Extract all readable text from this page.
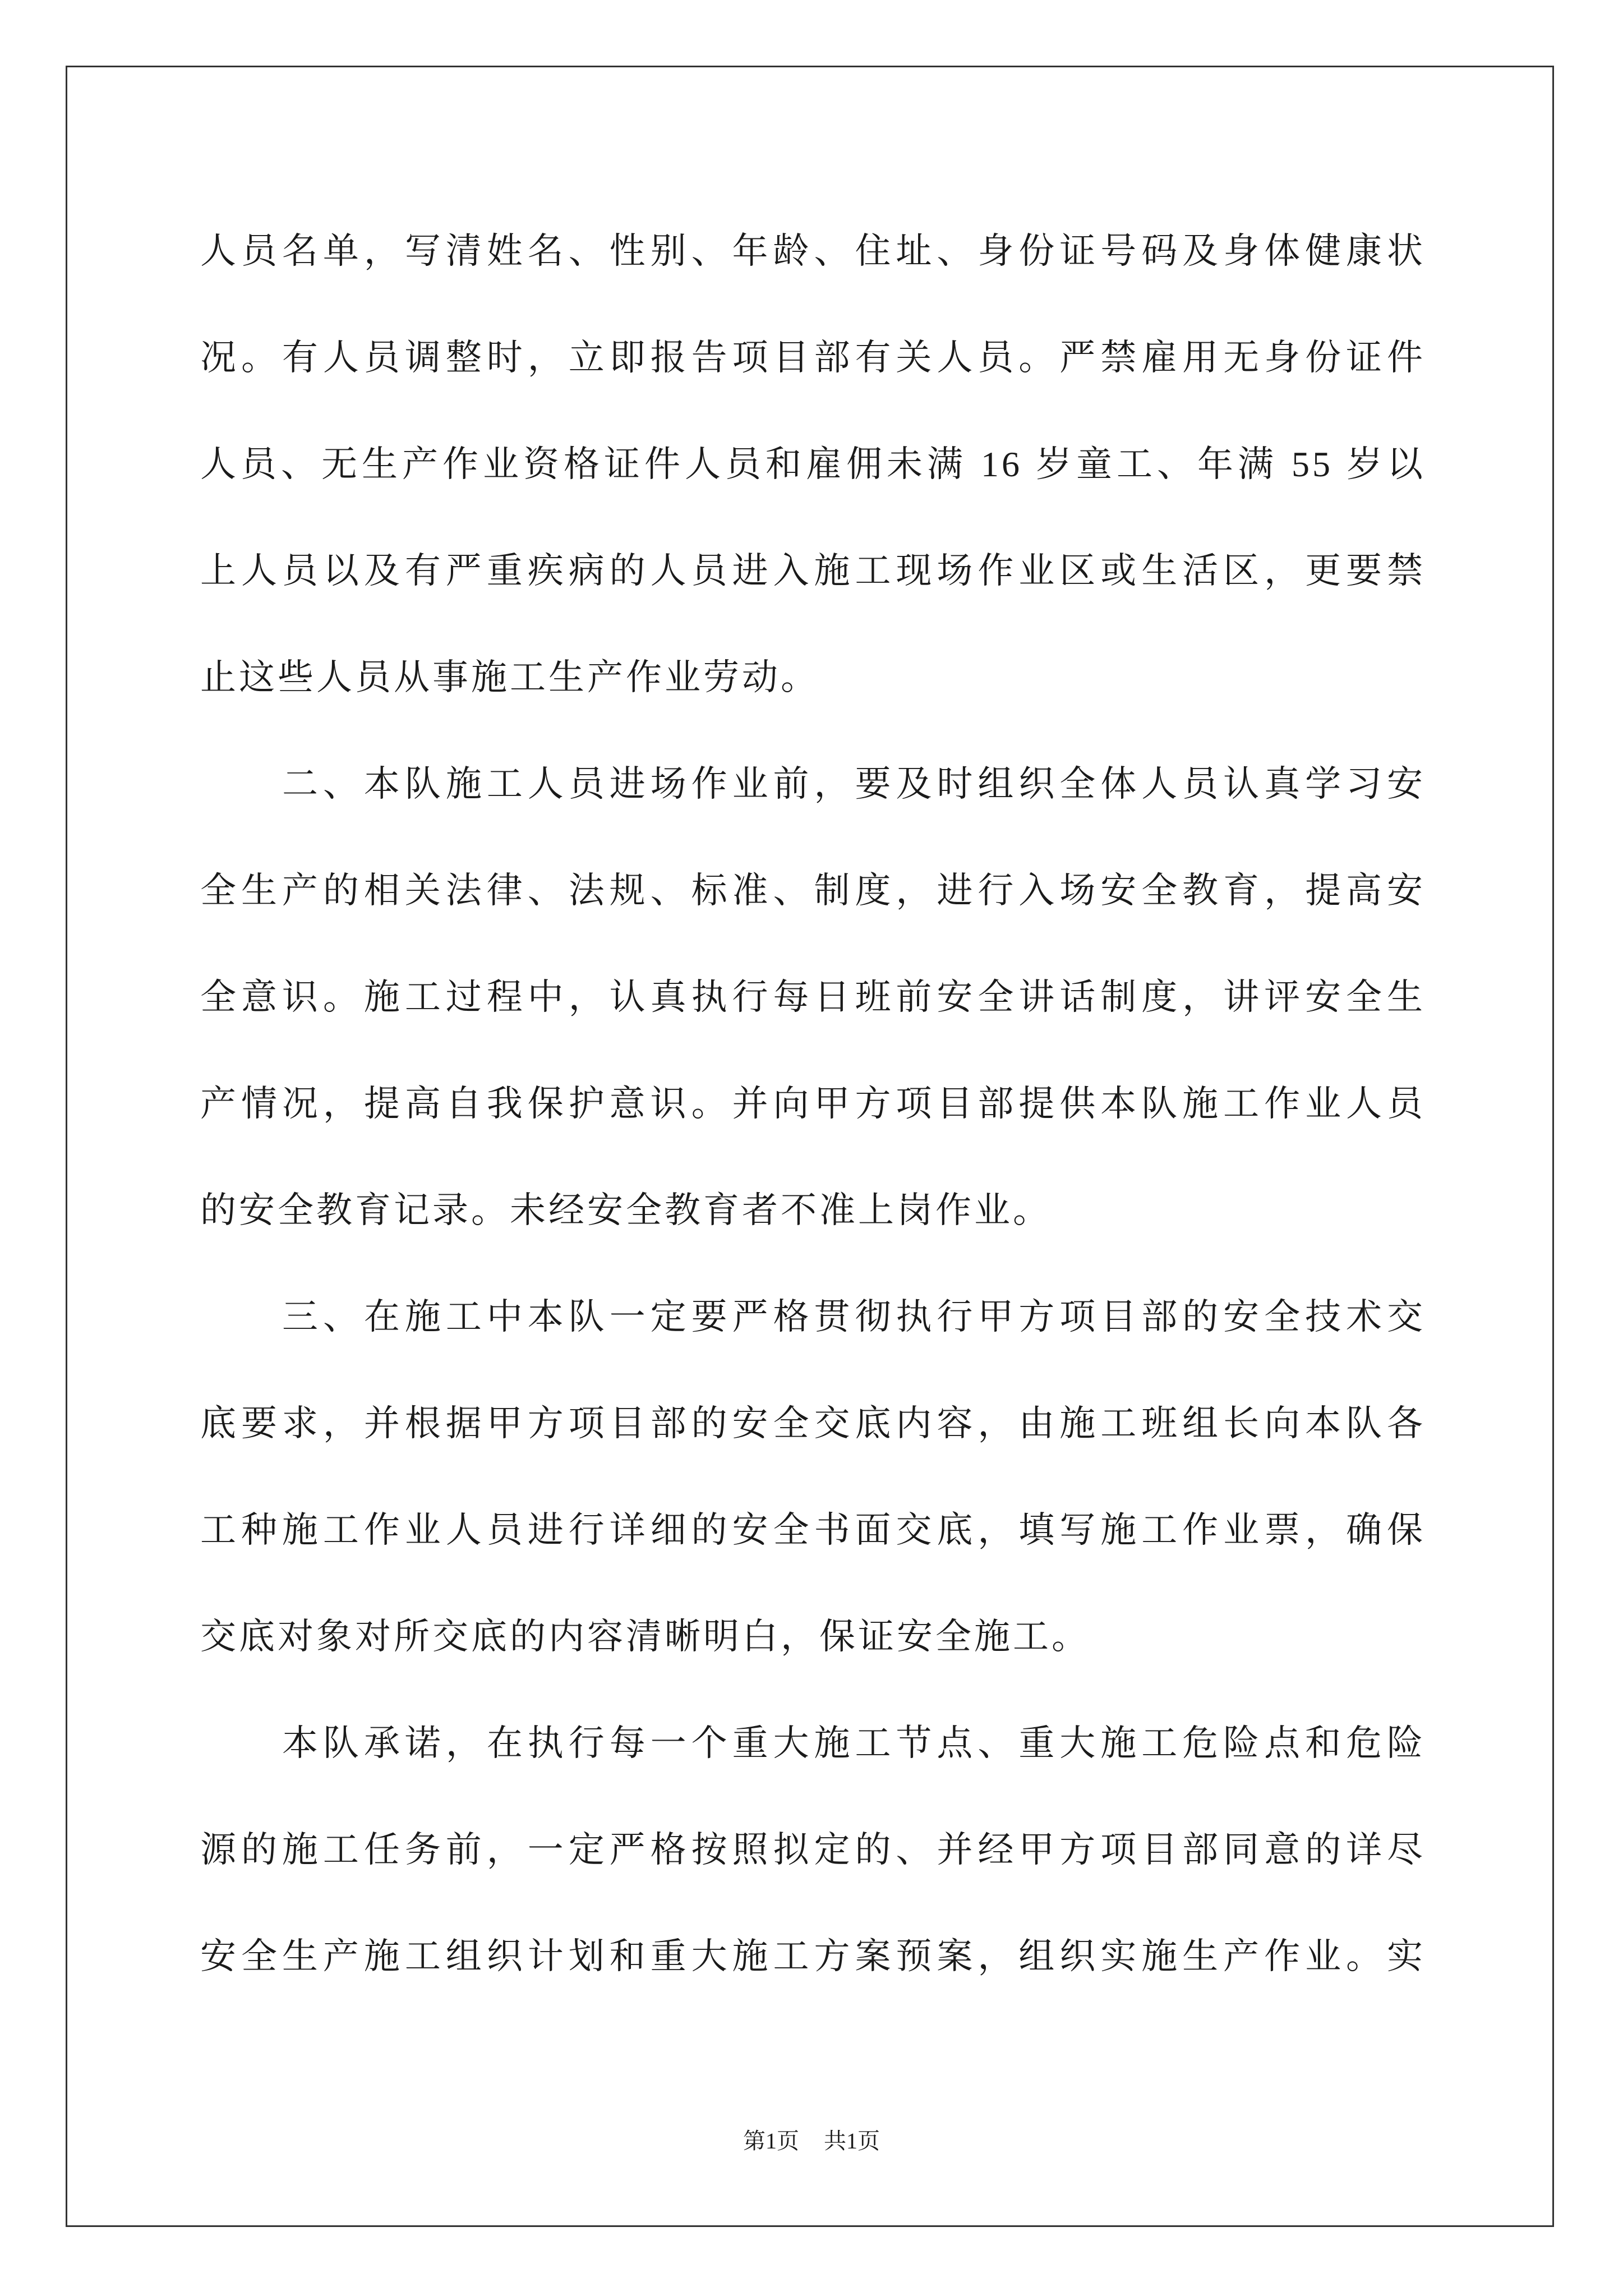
人员名单，写清姓名、性别、年龄、住址、身份证号码及身体健康状
况。有人员调整时，立即报告项目部有关人员。严禁雇用无身份证件
人员、无生产作业资格证件人员和雇佣未满 16 岁童工、年满 55 岁以
上人员以及有严重疾病的人员进入施工现场作业区或生活区，更要禁
止这些人员从事施工生产作业劳动。
二、本队施工人员进场作业前，要及时组织全体人员认真学习安
全生产的相关法律、法规、标准、制度，进行入场安全教育，提高安
全意识。施工过程中，认真执行每日班前安全讲话制度，讲评安全生
产情况，提高自我保护意识。并向甲方项目部提供本队施工作业人员
的安全教育记录。未经安全教育者不准上岗作业。
三、在施工中本队一定要严格贯彻执行甲方项目部的安全技术交
底要求，并根据甲方项目部的安全交底内容，由施工班组长向本队各
工种施工作业人员进行详细的安全书面交底，填写施工作业票，确保
交底对象对所交底的内容清晰明白，保证安全施工。
本队承诺，在执行每一个重大施工节点、重大施工危险点和危险
源的施工任务前，一定严格按照拟定的、并经甲方项目部同意的详尽
安全生产施工组织计划和重大施工方案预案，组织实施生产作业。实
第1页 共1页
